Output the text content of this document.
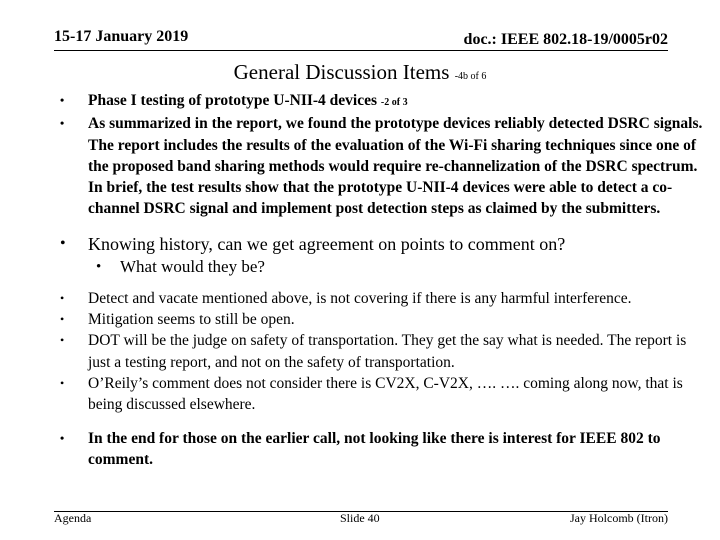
15-17 January 2019	doc.: IEEE 802.18-19/0005r02
General Discussion Items -4b of 6
• Phase I testing of prototype U-NII-4 devices -2 of 3
• As summarized in the report, we found the prototype devices reliably detected DSRC signals. The report includes the results of the evaluation of the Wi-Fi sharing techniques since one of the proposed band sharing methods would require re-channelization of the DSRC spectrum. In brief, the test results show that the prototype U-NII-4 devices were able to detect a co-channel DSRC signal and implement post detection steps as claimed by the submitters.
• Knowing history, can we get agreement on points to comment on?
• What would they be?
• Detect and vacate mentioned above, is not covering if there is any harmful interference.
• Mitigation seems to still be open.
• DOT will be the judge on safety of transportation. They get the say what is needed. The report is just a testing report, and not on the safety of transportation.
• O’Reily’s comment does not consider there is CV2X, C-V2X, …. …. coming along now, that is being discussed elsewhere.
• In the end for those on the earlier call, not looking like there is interest for IEEE 802 to comment.
Agenda	Slide 40	Jay Holcomb (Itron)
